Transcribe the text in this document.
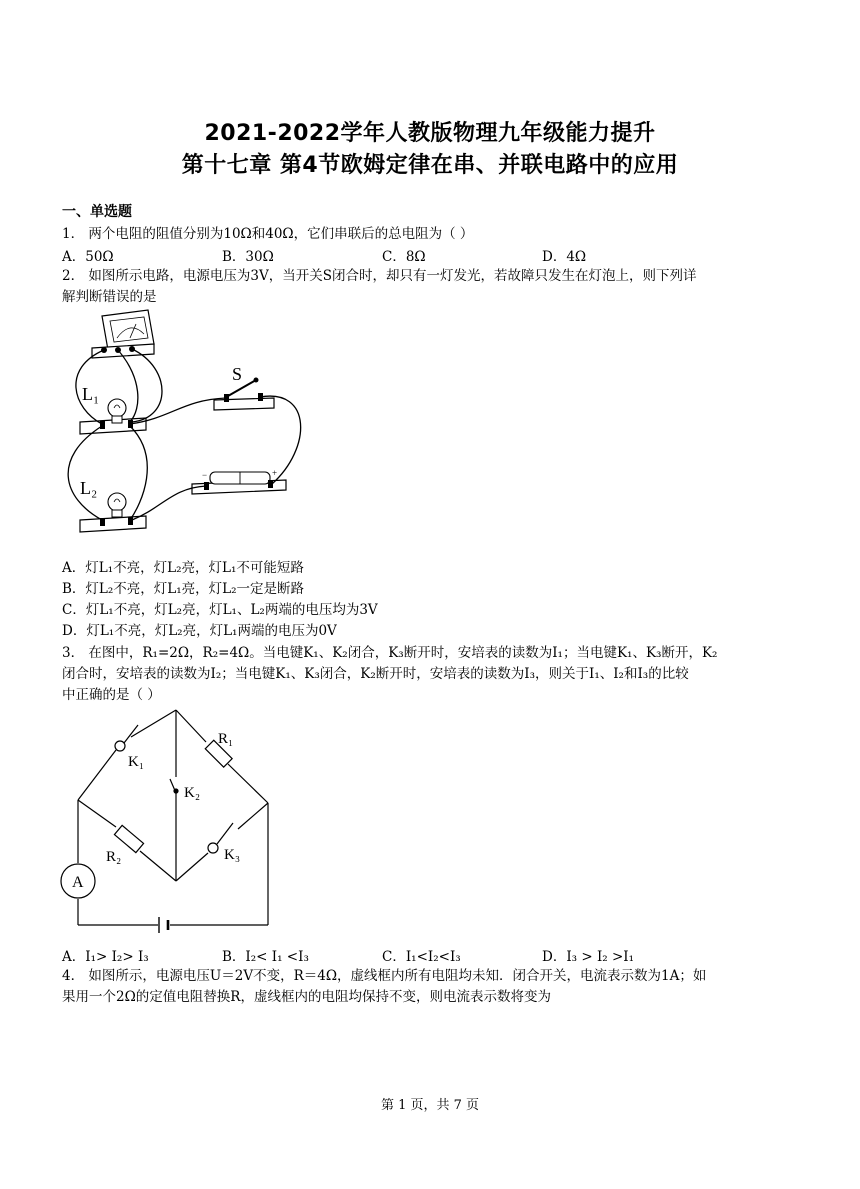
2021-2022学年人教版物理九年级能力提升
第十七章 第4节欧姆定律在串、并联电路中的应用
一、单选题
1． 两个电阻的阻值分别为10Ω和40Ω，它们串联后的总电阻为（ ）
A．50Ω	B．30Ω	C．8Ω	D．4Ω
2． 如图所示电路，电源电压为3V，当开关S闭合时，却只有一灯发光，若故障只发生在灯泡上，则下列详
解判断错误的是
L₁
L₂
S
−	+
A．灯L₁不亮，灯L₂亮，灯L₁不可能短路
B．灯L₂不亮，灯L₁亮，灯L₂一定是断路
C．灯L₁不亮，灯L₂亮，灯L₁、L₂两端的电压均为3V
D．灯L₁不亮，灯L₂亮，灯L₁两端的电压为0V
3． 在图中，R₁=2Ω，R₂=4Ω。当电键K₁、K₂闭合，K₃断开时，安培表的读数为I₁；当电键K₁、K₃断开，K₂
闭合时，安培表的读数为I₂；当电键K₁、K₃闭合，K₂断开时，安培表的读数为I₃，则关于I₁、I₂和I₃的比较
中正确的是（ ）
A
R₁
K₁
K₂
R₂	K₃
A．I₁> I₂> I₃	B．I₂< I₁ <I₃	C．I₁<I₂<I₃	D．I₃ > I₂ >I₁
4． 如图所示，电源电压U＝2V不变，R＝4Ω，虚线框内所有电阻均未知．闭合开关，电流表示数为1A；如
果用一个2Ω的定值电阻替换R，虚线框内的电阻均保持不变，则电流表示数将变为
第 1 页，共 7 页
